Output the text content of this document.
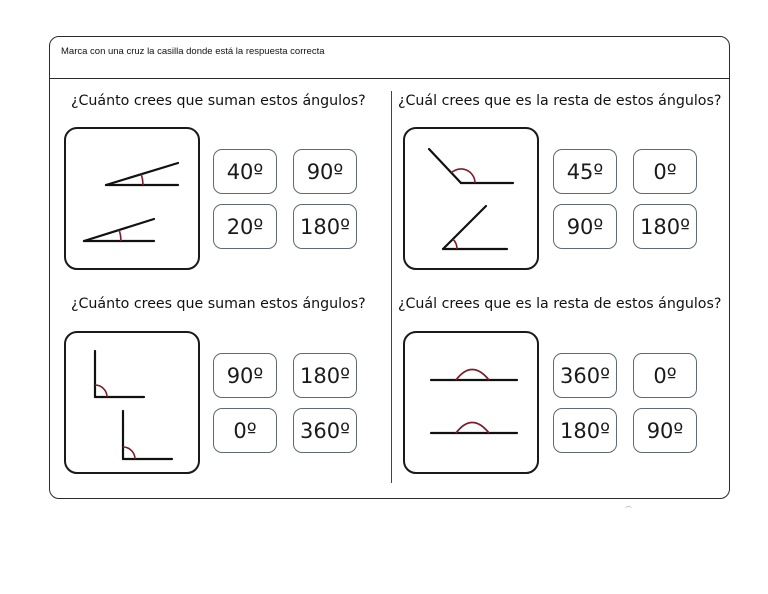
Marca con una cruz la casilla donde está la respuesta correcta
¿Cuánto crees que suman estos ángulos?
40º	90º
20º	180º
¿Cuál crees que es la resta de estos ángulos?
45º	0º
90º	180º
¿Cuánto crees que suman estos ángulos?
90º	180º
0º	360º
¿Cuál crees que es la resta de estos ángulos?
360º	0º
180º	90º
